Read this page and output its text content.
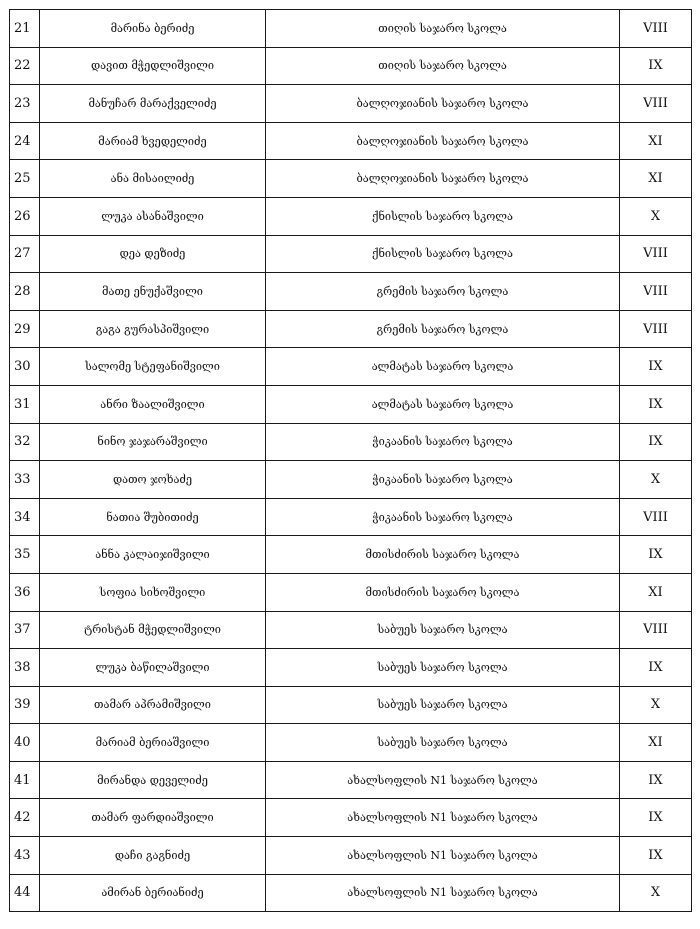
21	მარინა ბერიძე	თიღის საჯარო სკოლა	VIII
22	დავით მჭედლიშვილი	თიღის საჯარო სკოლა	IX
23	მანუჩარ მარაქველიძე	ბალღოჯიანის საჯარო სკოლა	VIII
24	მარიამ ხვედელიძე	ბალღოჯიანის საჯარო სკოლა	XI
25	ანა მისაილიძე	ბალღოჯიანის საჯარო სკოლა	XI
26	ლუკა ასანაშვილი	ქნისლის საჯარო სკოლა	X
27	დეა დეზიძე	ქნისლის საჯარო სკოლა	VIII
28	მათე ენუქაშვილი	გრემის საჯარო სკოლა	VIII
29	გაგა გურასპიშვილი	გრემის საჯარო სკოლა	VIII
30	სალომე სტეფანიშვილი	ალმატას საჯარო სკოლა	IX
31	ანრი ზაალიშვილი	ალმატას საჯარო სკოლა	IX
32	ნინო ჯაჯარაშვილი	ჭიკაანის საჯარო სკოლა	IX
33	დათო ჯოხაძე	ჭიკაანის საჯარო სკოლა	X
34	ნათია შუბითიძე	ჭიკაანის საჯარო სკოლა	VIII
35	ანნა კალაიჯიშვილი	მთისძირის საჯარო სკოლა	IX
36	სოფია სიხოშვილი	მთისძირის საჯარო სკოლა	XI
37	ტრისტან მჭედლიშვილი	საბუეს საჯარო სკოლა	VIII
38	ლუკა ბაწილაშვილი	საბუეს საჯარო სკოლა	IX
39	თამარ აპრამიშვილი	საბუეს საჯარო სკოლა	X
40	მარიამ ბერიაშვილი	საბუეს საჯარო სკოლა	XI
41	მირანდა დეველიძე	ახალსოფლის N1 საჯარო სკოლა	IX
42	თამარ ფარდიაშვილი	ახალსოფლის N1 საჯარო სკოლა	IX
43	დაჩი გაგნიძე	ახალსოფლის N1 საჯარო სკოლა	IX
44	ამირან ბერიანიძე	ახალსოფლის N1 საჯარო სკოლა	X
